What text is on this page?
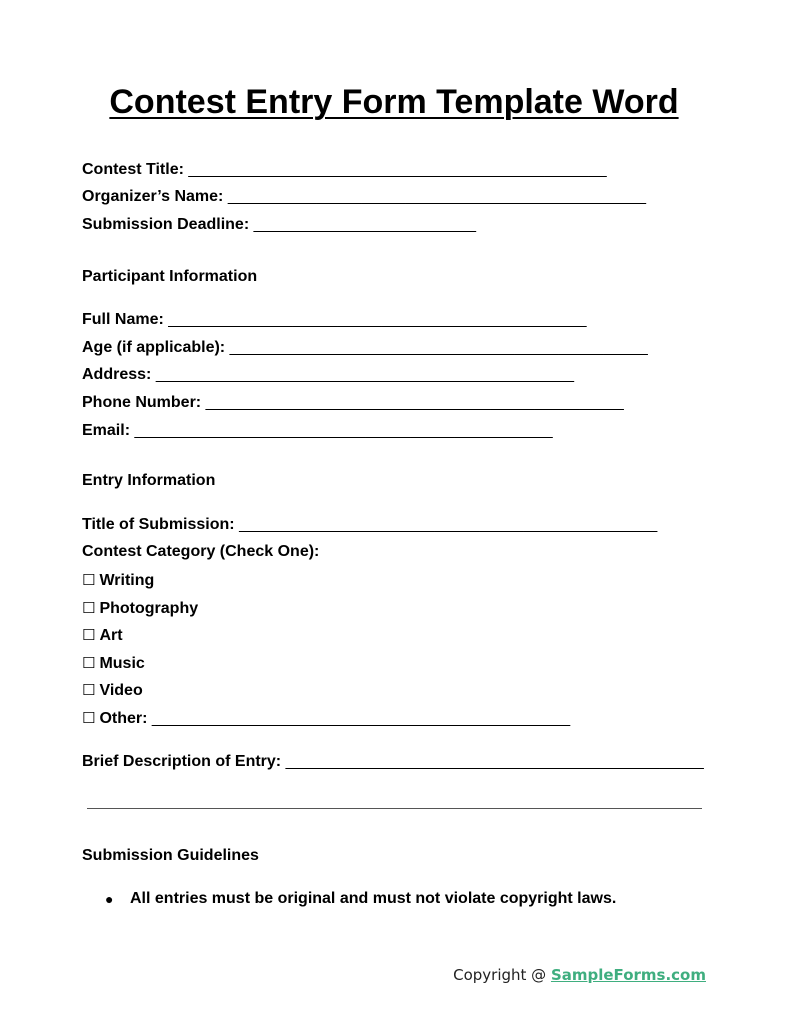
Contest Entry Form Template Word
Contest Title: _______________________________________________
Organizer’s Name: _______________________________________________
Submission Deadline: _________________________
Participant Information
Full Name: _______________________________________________
Age (if applicable): _______________________________________________
Address: _______________________________________________
Phone Number: _______________________________________________
Email: _______________________________________________
Entry Information
Title of Submission: _______________________________________________
Contest Category (Check One):
☐ Writing
☐ Photography
☐ Art
☐ Music
☐ Video
☐ Other: _______________________________________________
Brief Description of Entry: _______________________________________________
Submission Guidelines
● All entries must be original and must not violate copyright laws.
Copyright @ SampleForms.com
